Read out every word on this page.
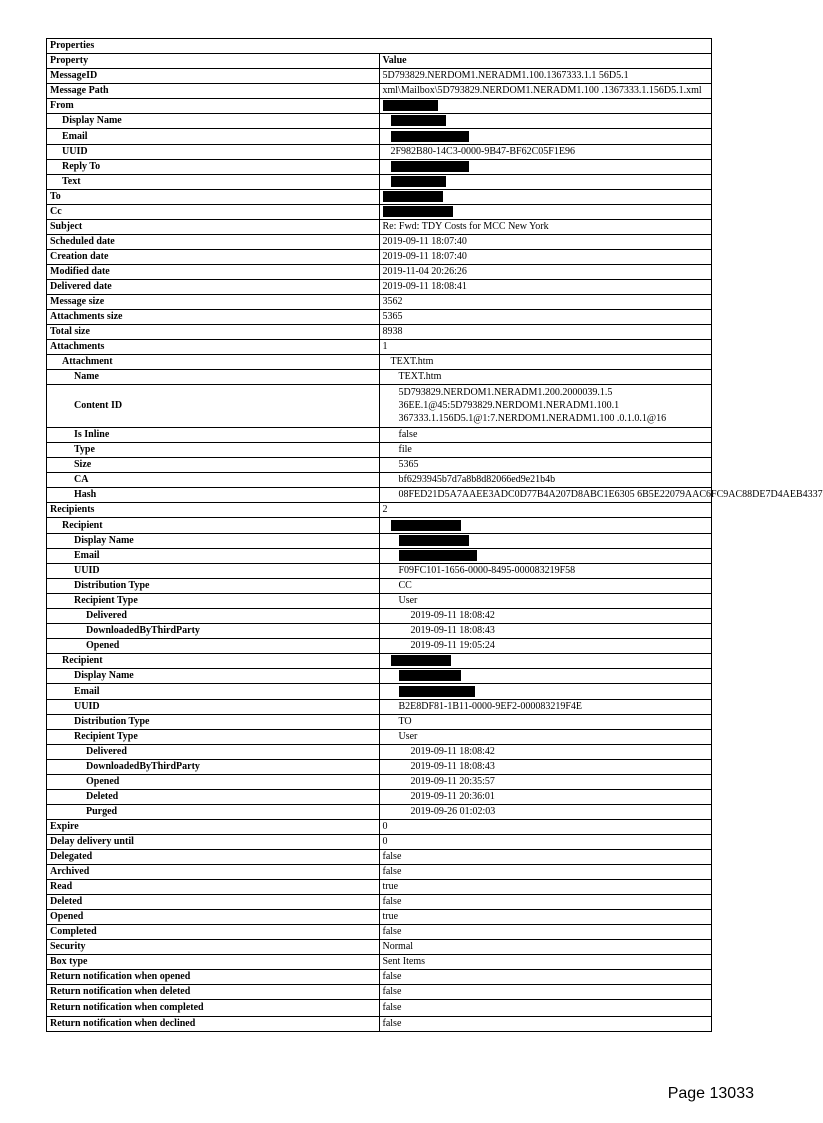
Properties	
Property	Value
MessageID	5D793829.NERDOM1.NERADM1.100.1367333.1.1 56D5.1
Message Path	xml\Mailbox\5D793829.NERDOM1.NERADM1.100 .1367333.1.156D5.1.xml
From	
Display Name	
Email	
UUID	2F982B80-14C3-0000-9B47-BF62C05F1E96
Reply To	
Text	
To	
Cc	
Subject	Re: Fwd: TDY Costs for MCC New York
Scheduled date	2019-09-11 18:07:40
Creation date	2019-09-11 18:07:40
Modified date	2019-11-04 20:26:26
Delivered date	2019-09-11 18:08:41
Message size	3562
Attachments size	5365
Total size	8938
Attachments	1
Attachment	TEXT.htm
Name	TEXT.htm
Content ID	5D793829.NERDOM1.NERADM1.200.2000039.1.5 36EE.1@45:5D793829.NERDOM1.NERADM1.100.1 367333.1.156D5.1@1:7.NERDOM1.NERADM1.100 .0.1.0.1@16
Is Inline	false
Type	file
Size	5365
CA	bf6293945b7d7a8b8d82066ed9e21b4b
Hash	08FED21D5A7AAEE3ADC0D77B4A207D8ABC1E6305 6B5E22079AAC6FC9AC88DE7D4AEB4337
Recipients	2
Recipient	
Display Name	
Email	
UUID	F09FC101-1656-0000-8495-000083219F58
Distribution Type	CC
Recipient Type	User
Delivered	2019-09-11 18:08:42
DownloadedByThirdParty	2019-09-11 18:08:43
Opened	2019-09-11 19:05:24
Recipient	
Display Name	
Email	
UUID	B2E8DF81-1B11-0000-9EF2-000083219F4E
Distribution Type	TO
Recipient Type	User
Delivered	2019-09-11 18:08:42
DownloadedByThirdParty	2019-09-11 18:08:43
Opened	2019-09-11 20:35:57
Deleted	2019-09-11 20:36:01
Purged	2019-09-26 01:02:03
Expire	0
Delay delivery until	0
Delegated	false
Archived	false
Read	true
Deleted	false
Opened	true
Completed	false
Security	Normal
Box type	Sent Items
Return notification when opened	false
Return notification when deleted	false
Return notification when completed	false
Return notification when declined	false
Page 13033
